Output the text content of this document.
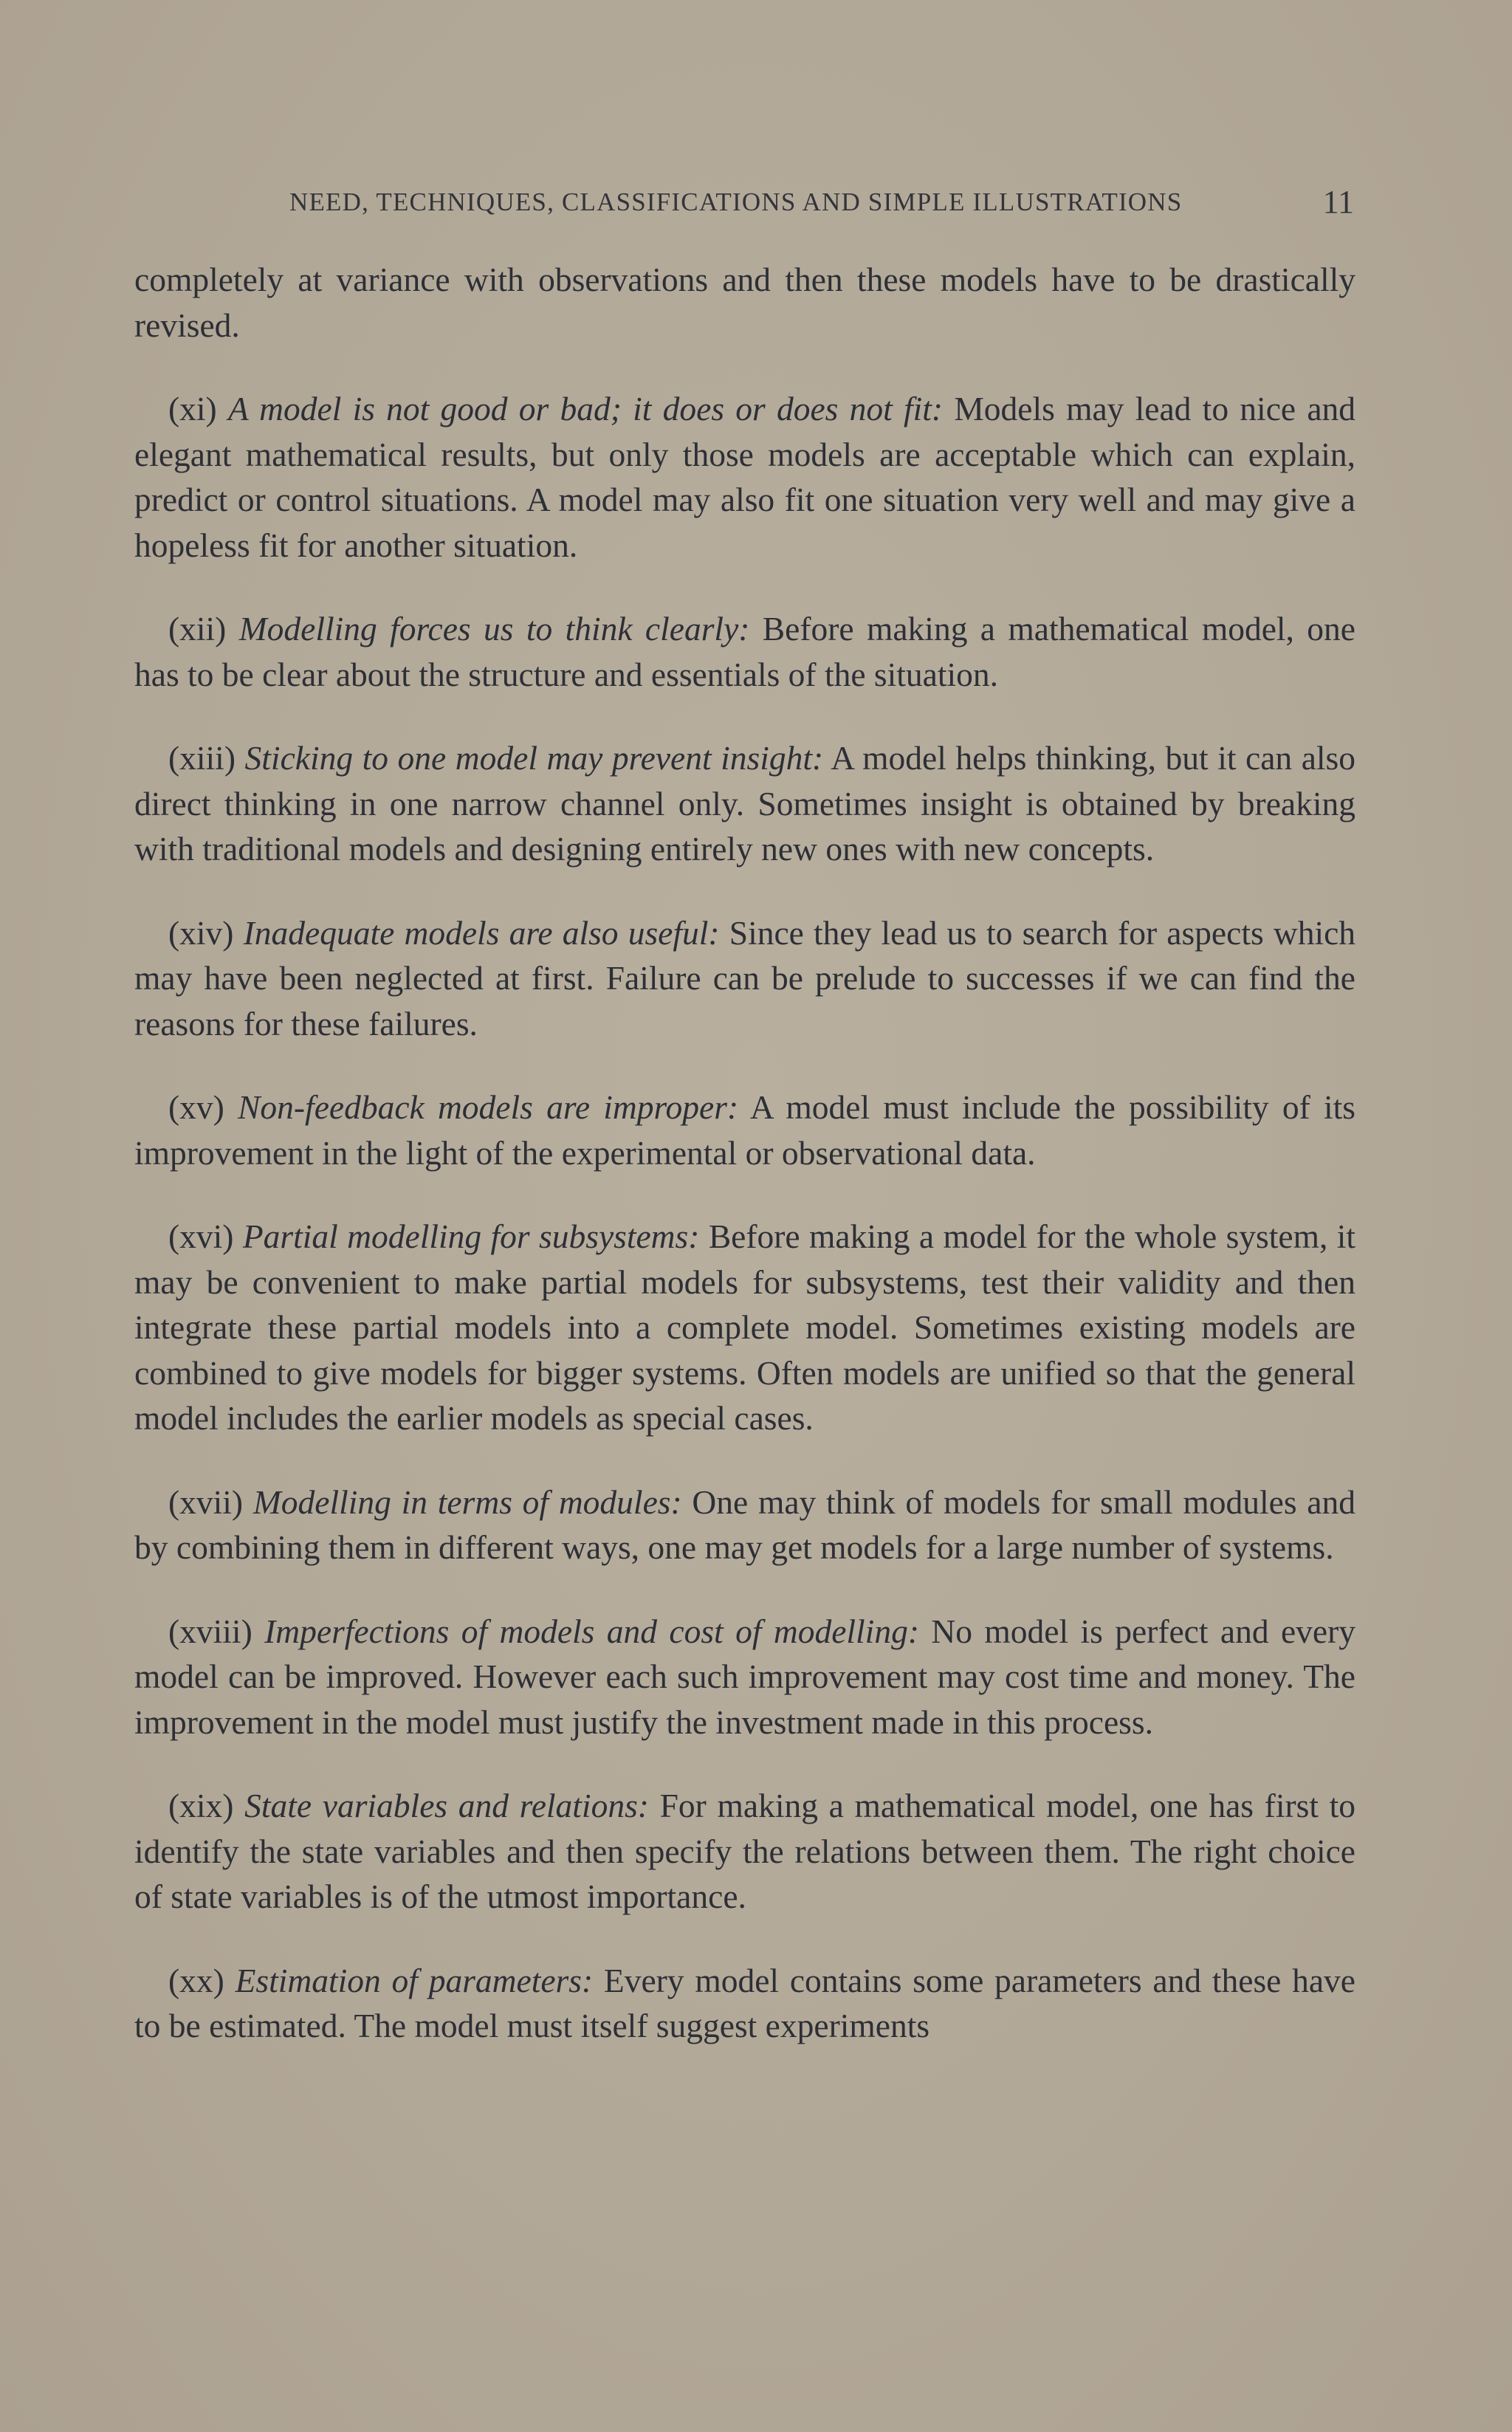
NEED, TECHNIQUES, CLASSIFICATIONS AND SIMPLE ILLUSTRATIONS	11

completely at variance with observations and then these models have to be drastically revised.

(xi) A model is not good or bad; it does or does not fit: Models may lead to nice and elegant mathematical results, but only those models are acceptable which can explain, predict or control situations. A model may also fit one situation very well and may give a hopeless fit for another situation.

(xii) Modelling forces us to think clearly: Before making a mathematical model, one has to be clear about the structure and essentials of the situation.

(xiii) Sticking to one model may prevent insight: A model helps thinking, but it can also direct thinking in one narrow channel only. Sometimes insight is obtained by breaking with traditional models and designing entirely new ones with new concepts.

(xiv) Inadequate models are also useful: Since they lead us to search for aspects which may have been neglected at first. Failure can be prelude to successes if we can find the reasons for these failures.

(xv) Non-feedback models are improper: A model must include the possibility of its improvement in the light of the experimental or observational data.

(xvi) Partial modelling for subsystems: Before making a model for the whole system, it may be convenient to make partial models for subsystems, test their validity and then integrate these partial models into a complete model. Sometimes existing models are combined to give models for bigger systems. Often models are unified so that the general model includes the earlier models as special cases.

(xvii) Modelling in terms of modules: One may think of models for small modules and by combining them in different ways, one may get models for a large number of systems.

(xviii) Imperfections of models and cost of modelling: No model is perfect and every model can be improved. However each such improvement may cost time and money. The improvement in the model must justify the investment made in this process.

(xix) State variables and relations: For making a mathematical model, one has first to identify the state variables and then specify the relations between them. The right choice of state variables is of the utmost importance.

(xx) Estimation of parameters: Every model contains some parameters and these have to be estimated. The model must itself suggest experiments
